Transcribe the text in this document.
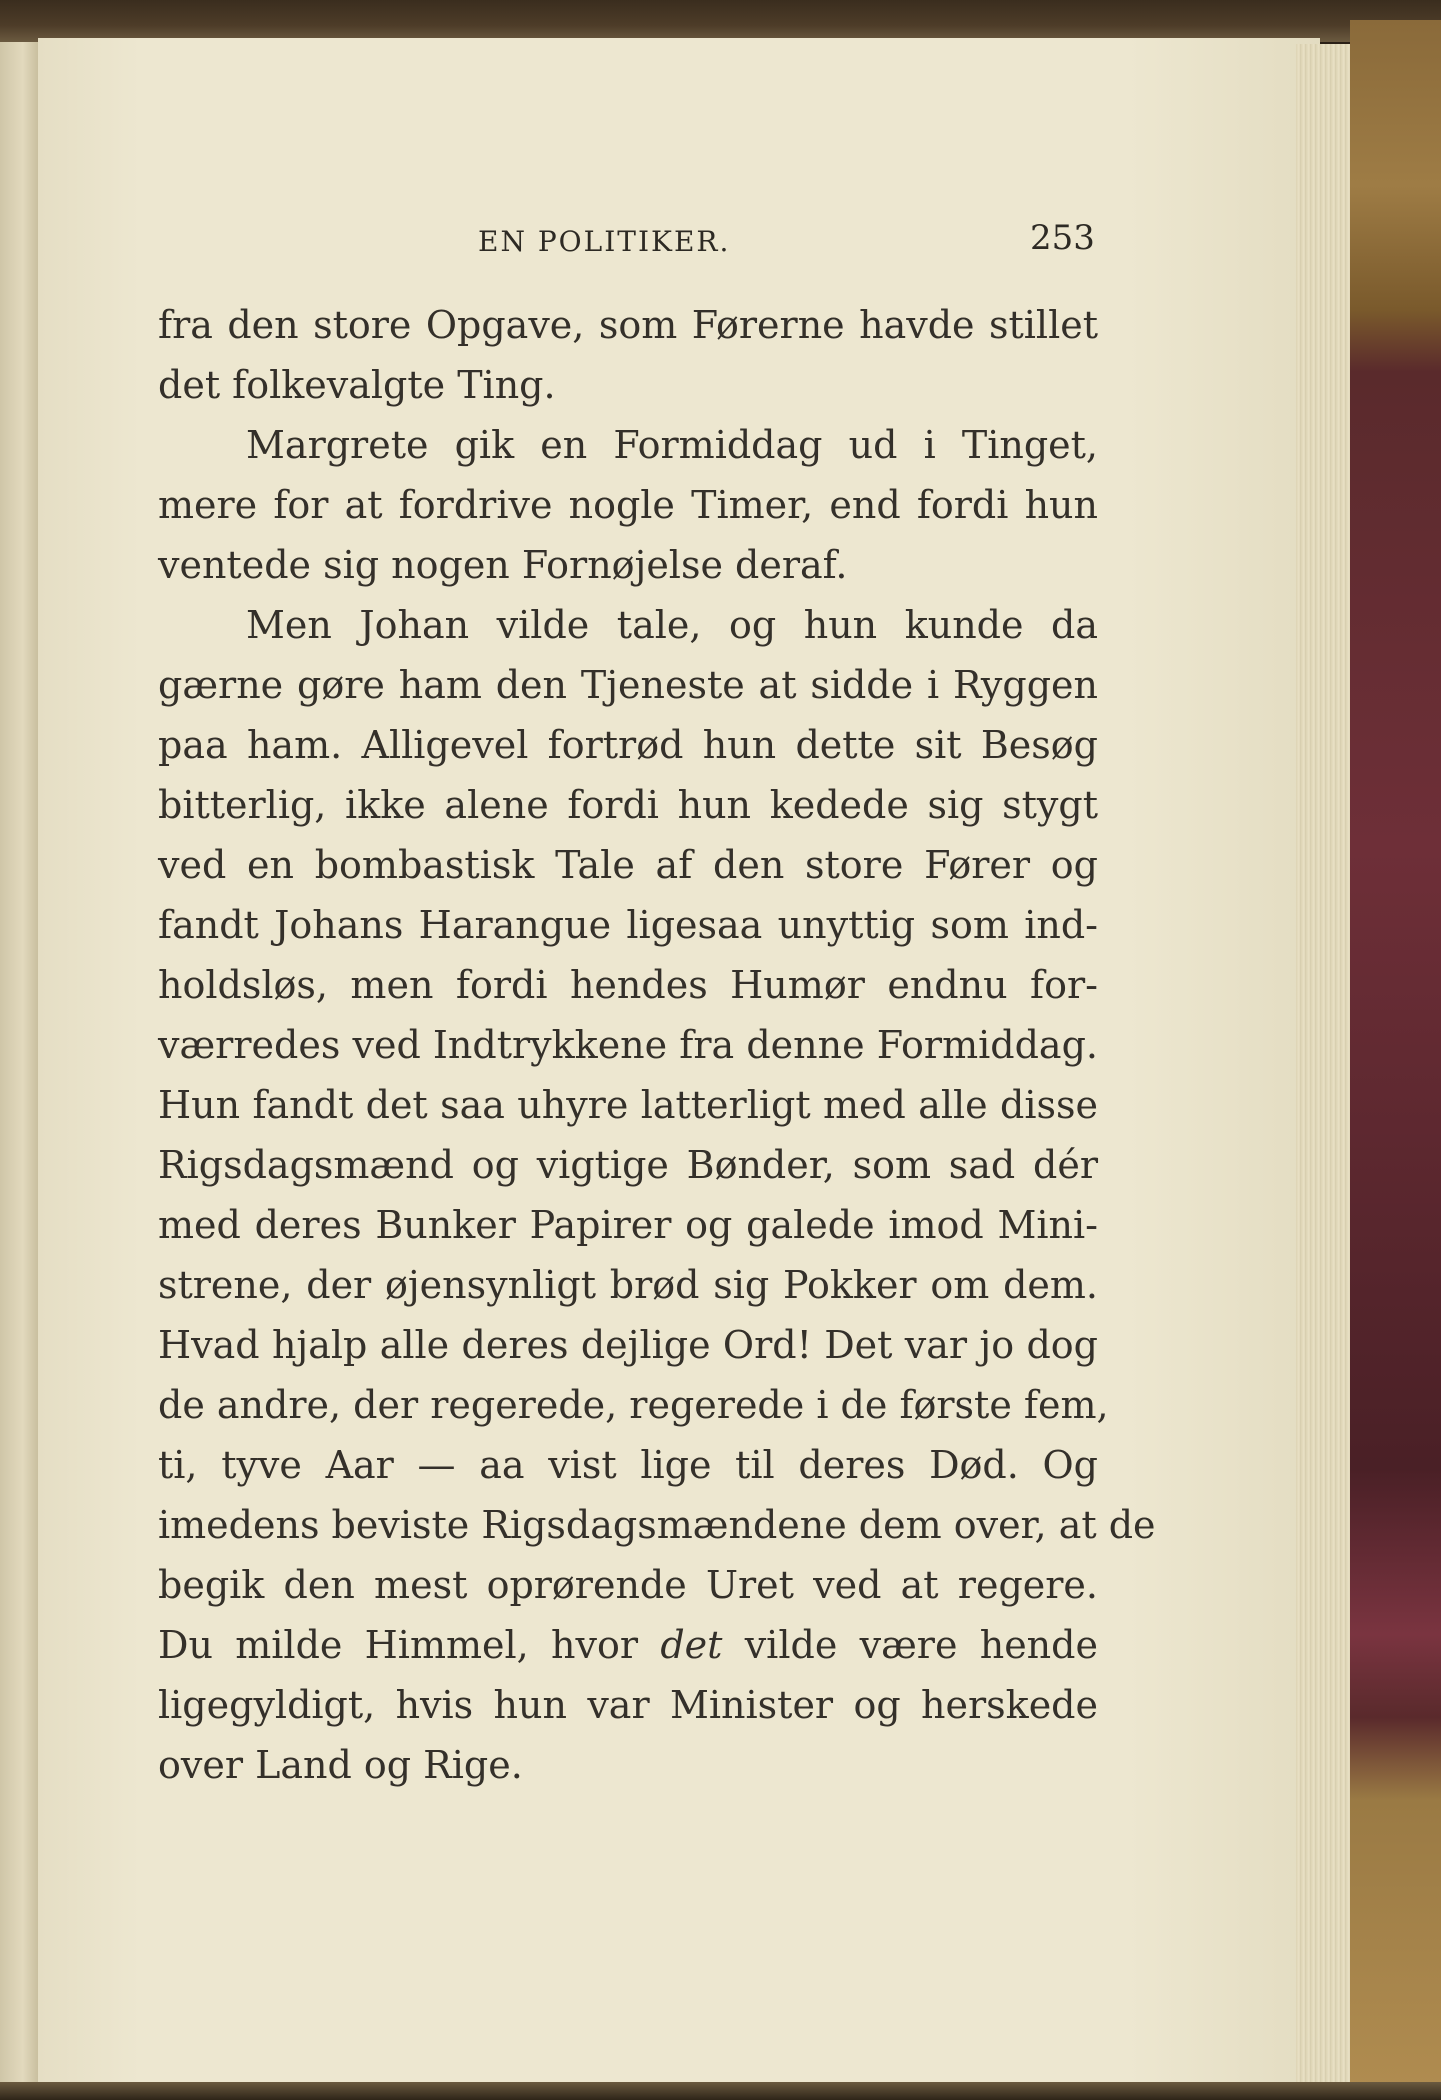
EN POLITIKER.	253
fra den store Opgave, som Førerne havde stillet
det folkevalgte Ting.
Margrete gik en Formiddag ud i Tinget,
mere for at fordrive nogle Timer, end fordi hun
ventede sig nogen Fornøjelse deraf.
Men Johan vilde tale, og hun kunde da
gærne gøre ham den Tjeneste at sidde i Ryggen
paa ham. Alligevel fortrød hun dette sit Besøg
bitterlig, ikke alene fordi hun kedede sig stygt
ved en bombastisk Tale af den store Fører og
fandt Johans Harangue ligesaa unyttig som ind-
holdsløs, men fordi hendes Humør endnu for-
værredes ved Indtrykkene fra denne Formiddag.
Hun fandt det saa uhyre latterligt med alle disse
Rigsdagsmænd og vigtige Bønder, som sad dér
med deres Bunker Papirer og galede imod Mini-
strene, der øjensynligt brød sig Pokker om dem.
Hvad hjalp alle deres dejlige Ord! Det var jo dog
de andre, der regerede, regerede i de første fem,
ti, tyve Aar — aa vist lige til deres Død. Og
imedens beviste Rigsdagsmændene dem over, at de
begik den mest oprørende Uret ved at regere.
Du milde Himmel, hvor det vilde være hende
ligegyldigt, hvis hun var Minister og herskede
over Land og Rige.
